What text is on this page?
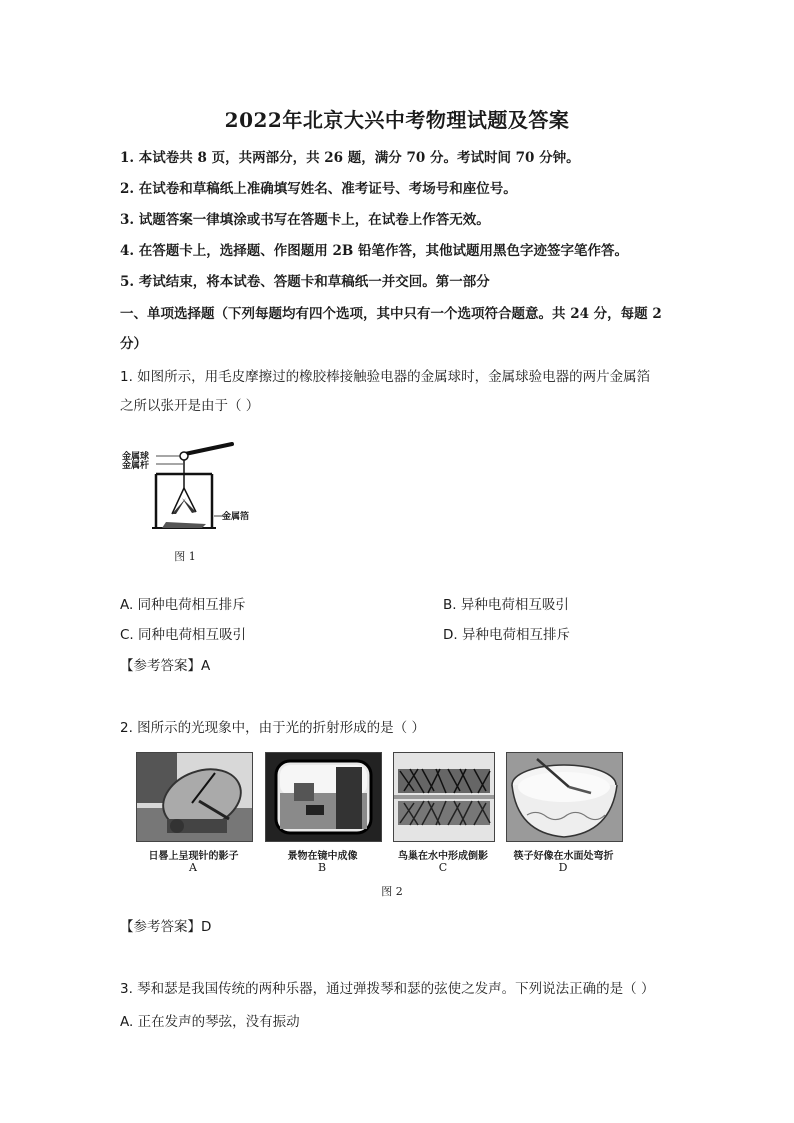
2022年北京大兴中考物理试题及答案
1. 本试卷共 8 页，共两部分，共 26 题，满分 70 分。考试时间 70 分钟。
2. 在试卷和草稿纸上准确填写姓名、准考证号、考场号和座位号。
3. 试题答案一律填涂或书写在答题卡上，在试卷上作答无效。
4. 在答题卡上，选择题、作图题用 2B 铅笔作答，其他试题用黑色字迹签字笔作答。
5. 考试结束，将本试卷、答题卡和草稿纸一并交回。第一部分
一、单项选择题（下列每题均有四个选项，其中只有一个选项符合题意。共 24 分，每题 2
分）
1. 如图所示，用毛皮摩擦过的橡胶棒接触验电器的金属球时，金属球验电器的两片金属箔
之所以张开是由于（ ）
金属球
金属杆
金属箔
图 1
A. 同种电荷相互排斥	B. 异种电荷相互吸引
C. 同种电荷相互吸引	D. 异种电荷相互排斥
【参考答案】A
2. 图所示的光现象中，由于光的折射形成的是（ ）
日晷上呈现针的影子	景物在镜中成像	鸟巢在水中形成倒影	筷子好像在水面处弯折
A	B	C	D
图 2
【参考答案】D
3. 琴和瑟是我国传统的两种乐器，通过弹拨琴和瑟的弦使之发声。下列说法正确的是（ ）
A. 正在发声的琴弦，没有振动
